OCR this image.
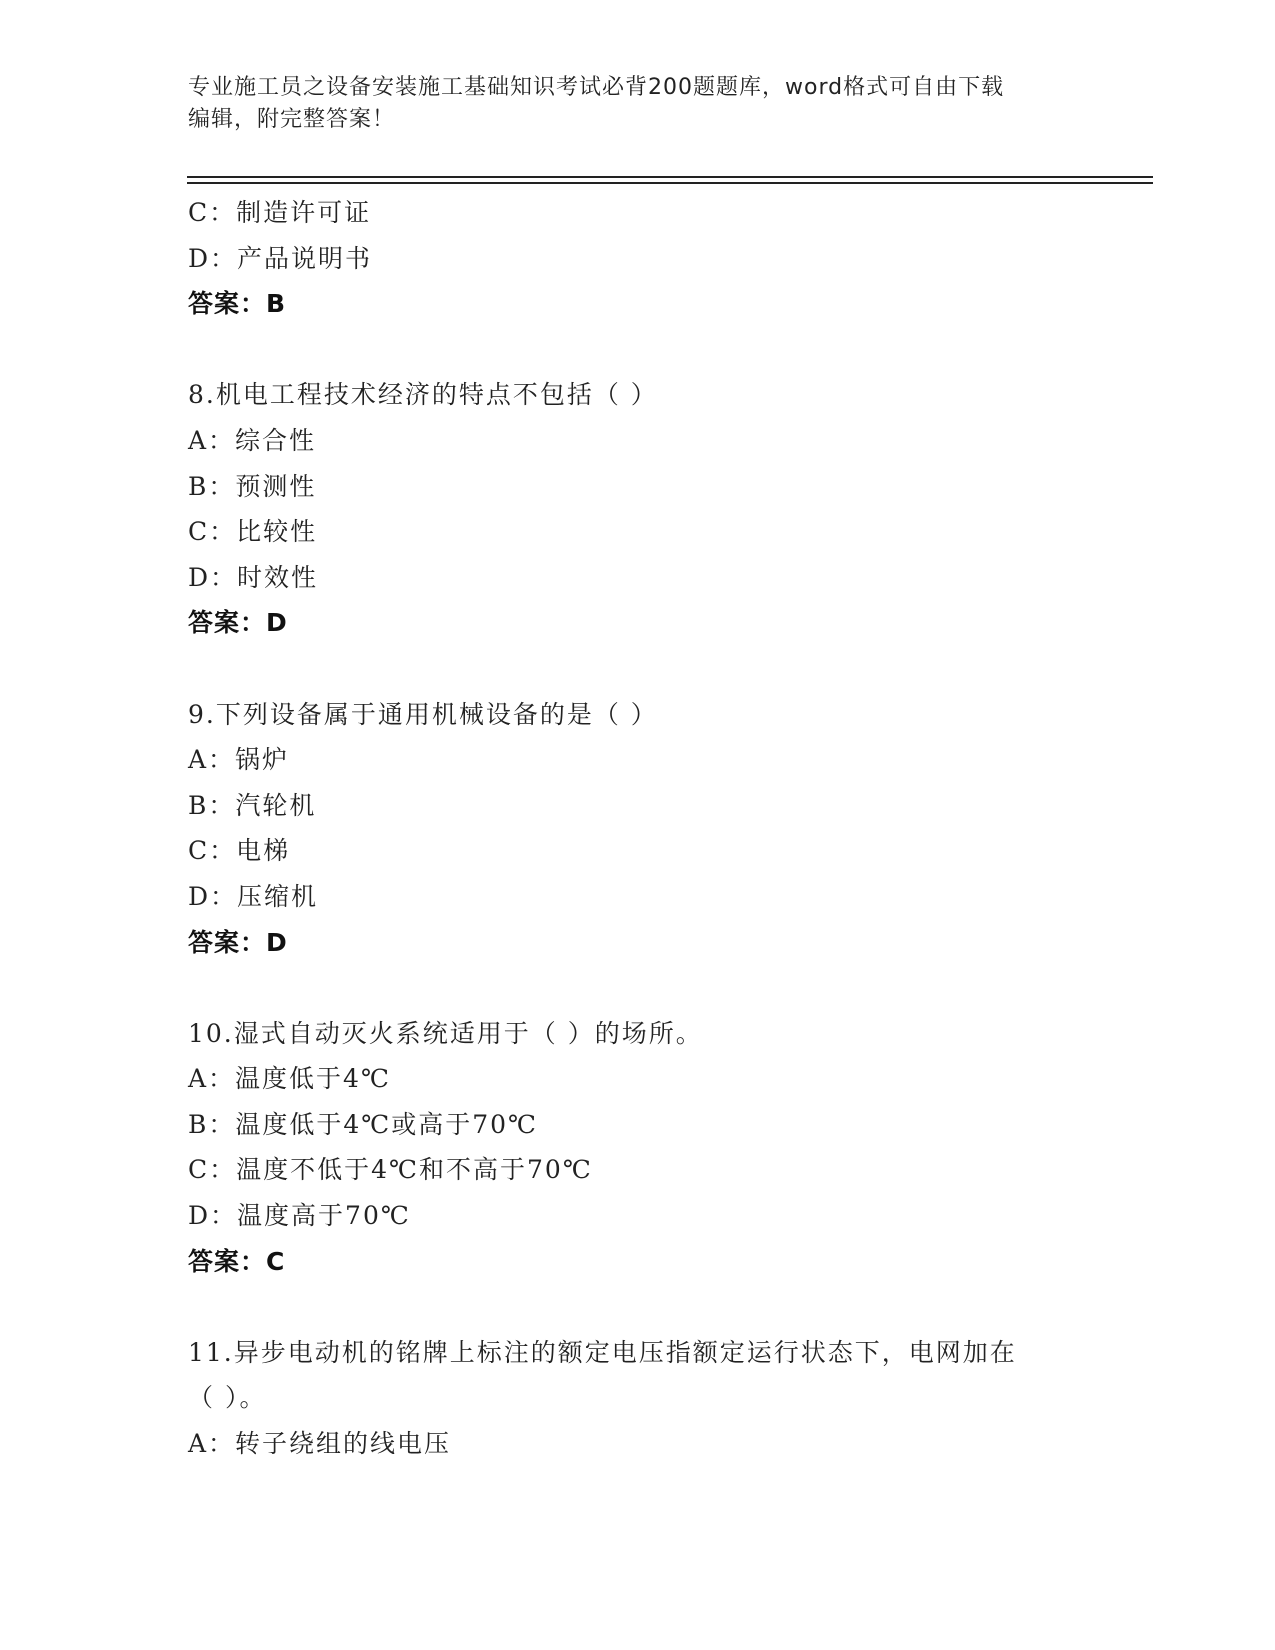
专业施工员之设备安装施工基础知识考试必背200题题库，word格式可自由下载
编辑，附完整答案！
C：制造许可证
D：产品说明书
答案：B
8.机电工程技术经济的特点不包括（ ）
A：综合性
B：预测性
C：比较性
D：时效性
答案：D
9.下列设备属于通用机械设备的是（ ）
A：锅炉
B：汽轮机
C：电梯
D：压缩机
答案：D
10.湿式自动灭火系统适用于（ ）的场所。
A：温度低于4℃
B：温度低于4℃或高于70℃
C：温度不低于4℃和不高于70℃
D：温度高于70℃
答案：C
11.异步电动机的铭牌上标注的额定电压指额定运行状态下，电网加在
（ ）。
A：转子绕组的线电压
